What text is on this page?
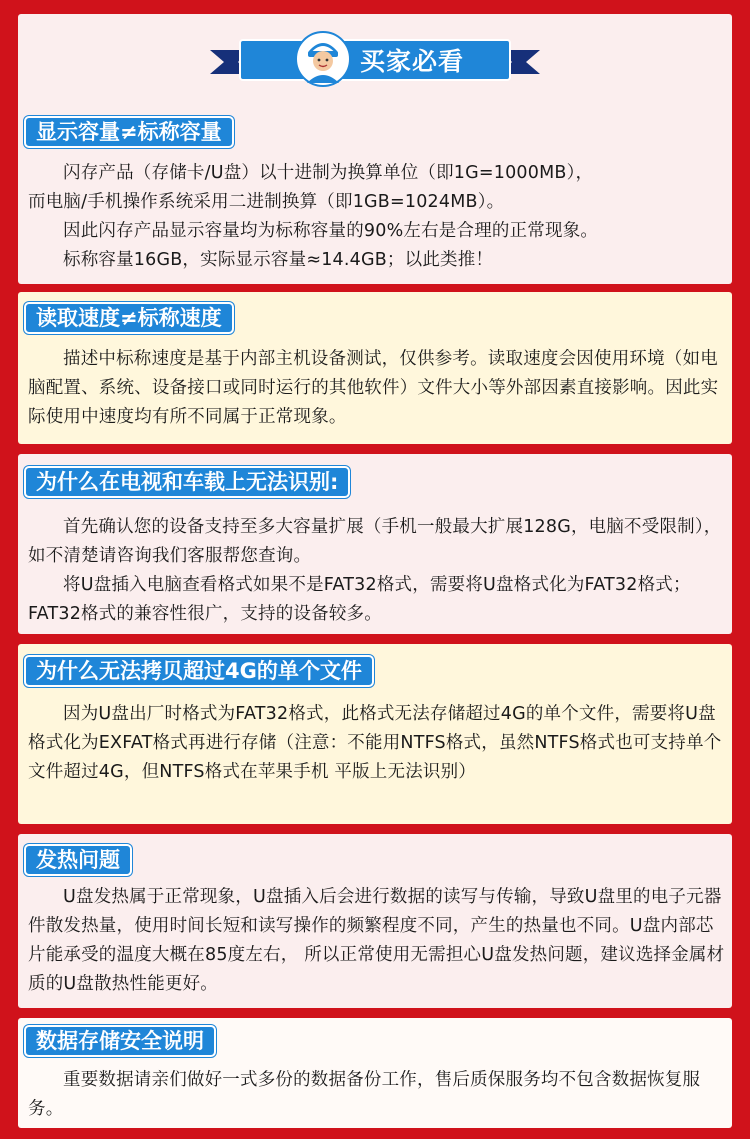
买家必看
显示容量≠标称容量

闪存产品（存储卡/U盘）以十进制为换算单位（即1G=1000MB），

而电脑/手机操作系统采用二进制换算（即1GB=1024MB）。

因此闪存产品显示容量均为标称容量的90%左右是合理的正常现象。

标称容量16GB，实际显示容量≈14.4GB；以此类推！

读取速度≠标称速度

描述中标称速度是基于内部主机设备测试，仅供参考。读取速度会因使用环境（如电脑配置、系统、设备接口或同时运行的其他软件）文件大小等外部因素直接影响。因此实际使用中速度均有所不同属于正常现象。

为什么在电视和车载上无法识别:

首先确认您的设备支持至多大容量扩展（手机一般最大扩展128G，电脑不受限制），如不清楚请咨询我们客服帮您查询。

将U盘插入电脑查看格式如果不是FAT32格式，需要将U盘格式化为FAT32格式；FAT32格式的兼容性很广，支持的设备较多。

为什么无法拷贝超过4G的单个文件

因为U盘出厂时格式为FAT32格式，此格式无法存储超过4G的单个文件，需要将U盘格式化为EXFAT格式再进行存储（注意：不能用NTFS格式，虽然NTFS格式也可支持单个文件超过4G，但NTFS格式在苹果手机 平版上无法识别）

发热问题

U盘发热属于正常现象，U盘插入后会进行数据的读写与传输，导致U盘里的电子元器件散发热量，使用时间长短和读写操作的频繁程度不同，产生的热量也不同。U盘内部芯片能承受的温度大概在85度左右， 所以正常使用无需担心U盘发热问题，建议选择金属材质的U盘散热性能更好。

数据存储安全说明

重要数据请亲们做好一式多份的数据备份工作，售后质保服务均不包含数据恢复服务。
